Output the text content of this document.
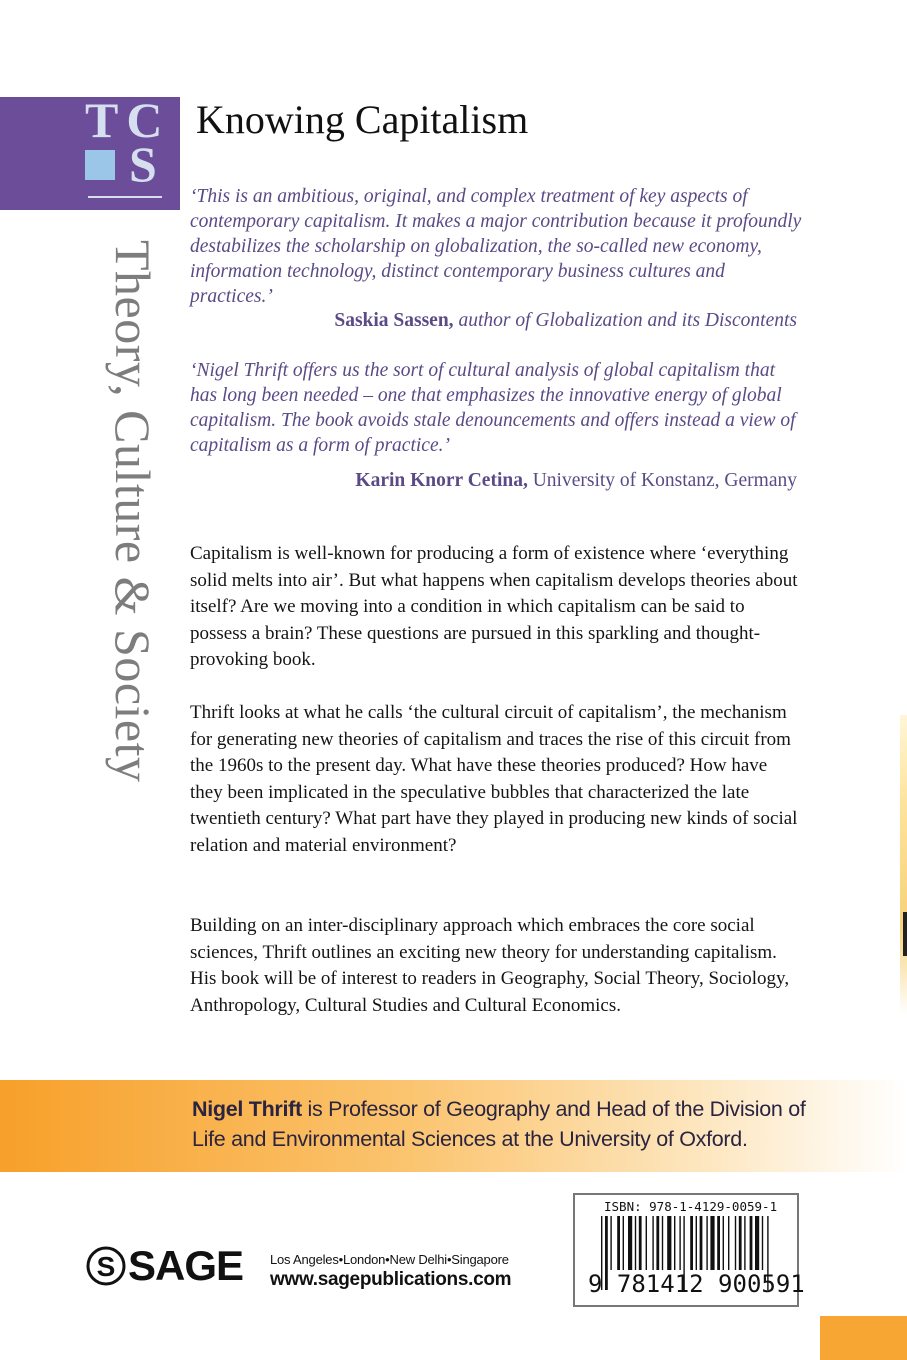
T C
S
Theory, Culture & Society
Knowing Capitalism
‘This is an ambitious, original, and complex treatment of key aspects of contemporary capitalism. It makes a major contribution because it profoundly destabilizes the scholarship on globalization, the so-called new economy, information technology, distinct contemporary business cultures and practices.’
Saskia Sassen, author of Globalization and its Discontents
‘Nigel Thrift offers us the sort of cultural analysis of global capitalism that has long been needed – one that emphasizes the innovative energy of global capitalism. The book avoids stale denouncements and offers instead a view of capitalism as a form of practice.’
Karin Knorr Cetina, University of Konstanz, Germany
Capitalism is well-known for producing a form of existence where ‘everything solid melts into air’. But what happens when capitalism develops theories about itself? Are we moving into a condition in which capitalism can be said to possess a brain? These questions are pursued in this sparkling and thought-provoking book.
Thrift looks at what he calls ‘the cultural circuit of capitalism’, the mechanism for generating new theories of capitalism and traces the rise of this circuit from the 1960s to the present day. What have these theories produced? How have they been implicated in the speculative bubbles that characterized the late twentieth century? What part have they played in producing new kinds of social relation and material environment?
Building on an inter-disciplinary approach which embraces the core social sciences, Thrift outlines an exciting new theory for understanding capitalism. His book will be of interest to readers in Geography, Social Theory, Sociology, Anthropology, Cultural Studies and Cultural Economics.
Nigel Thrift is Professor of Geography and Head of the Division of Life and Environmental Sciences at the University of Oxford.
S SAGE Los Angeles•London•New Delhi•Singapore
www.sagepublications.com
ISBN: 978-1-4129-0059-1
9 781412 900591
